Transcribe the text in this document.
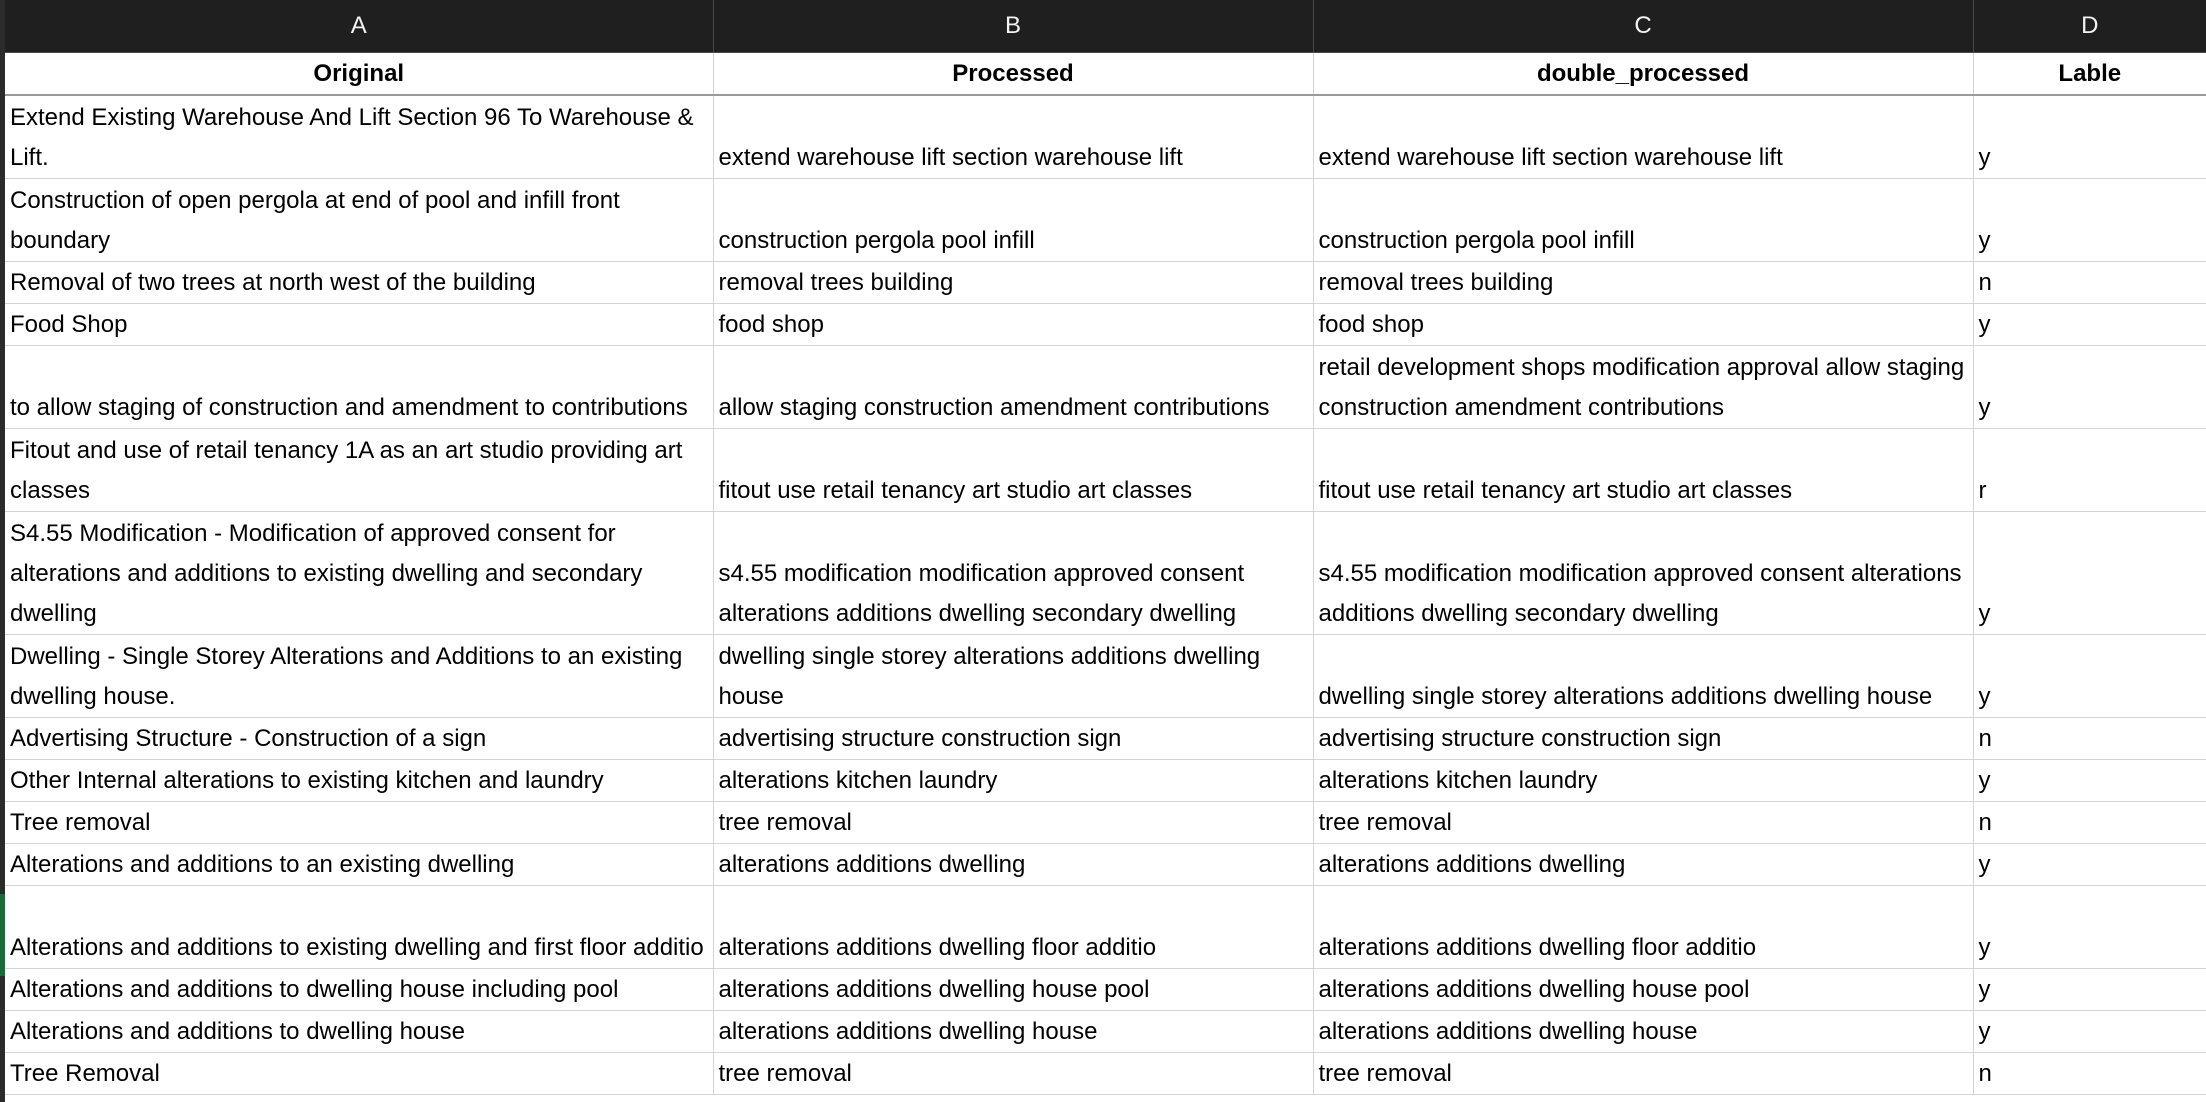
A	B	C	D
Original	Processed	double_processed	Lable
Extend Existing Warehouse And Lift Section 96 To Warehouse & Lift.	extend warehouse lift section warehouse lift	extend warehouse lift section warehouse lift	y
Construction of open pergola at end of pool and infill front boundary	construction pergola pool infill	construction pergola pool infill	y
Removal of two trees at north west of the building	removal trees building	removal trees building	n
Food Shop	food shop	food shop	y
to allow staging of construction and amendment to contributions	allow staging construction amendment contributions	retail development shops modification approval allow staging construction amendment contributions	y
Fitout and use of retail tenancy 1A as an art studio providing art classes	fitout use retail tenancy art studio art classes	fitout use retail tenancy art studio art classes	r
S4.55 Modification - Modification of approved consent for alterations and additions to existing dwelling and secondary dwelling	s4.55 modification modification approved consent alterations additions dwelling secondary dwelling	s4.55 modification modification approved consent alterations additions dwelling secondary dwelling	y
Dwelling - Single Storey Alterations and Additions to an existing dwelling house.	dwelling single storey alterations additions dwelling house	dwelling single storey alterations additions dwelling house	y
Advertising Structure - Construction of a sign	advertising structure construction sign	advertising structure construction sign	n
Other Internal alterations to existing kitchen and laundry	alterations kitchen laundry	alterations kitchen laundry	y
Tree removal	tree removal	tree removal	n
Alterations and additions to an existing dwelling	alterations additions dwelling	alterations additions dwelling	y
Alterations and additions to existing dwelling and first floor additio	alterations additions dwelling floor additio	alterations additions dwelling floor additio	y
Alterations and additions to dwelling house including pool	alterations additions dwelling house pool	alterations additions dwelling house pool	y
Alterations and additions to dwelling house	alterations additions dwelling house	alterations additions dwelling house	y
Tree Removal	tree removal	tree removal	n
